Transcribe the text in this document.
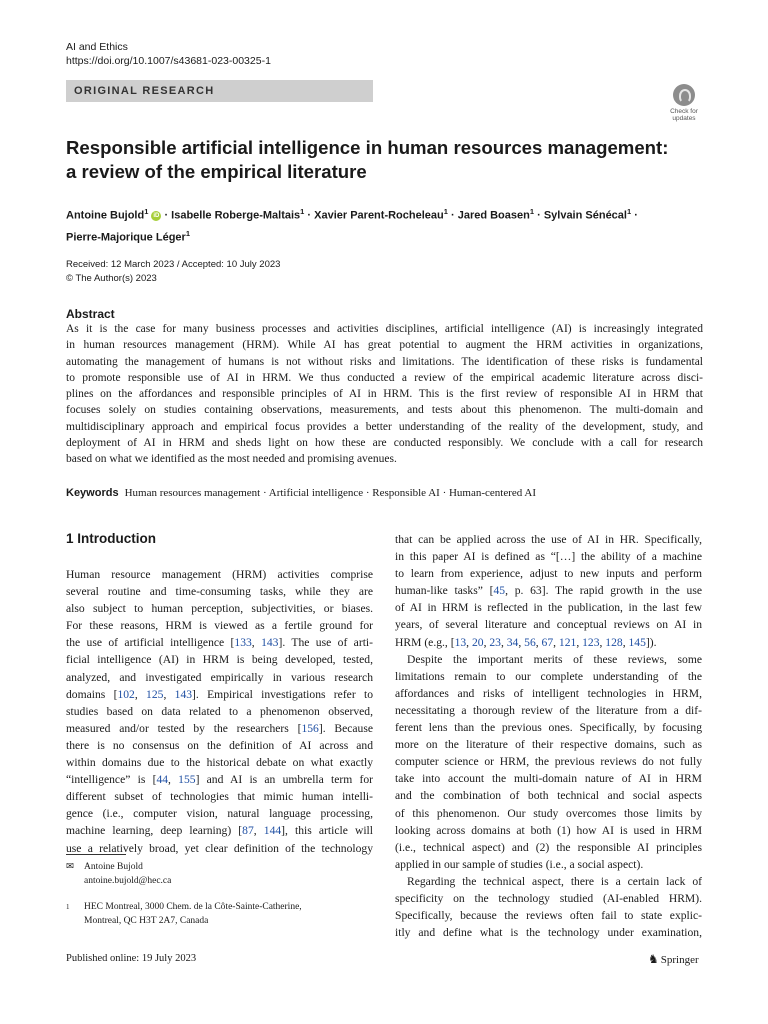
AI and Ethics
https://doi.org/10.1007/s43681-023-00325-1
ORIGINAL RESEARCH
Check for
updates
Responsible artificial intelligence in human resources management:
a review of the empirical literature
Antoine Bujold$^1$ iD · Isabelle Roberge-Maltais$^1$ · Xavier Parent-Rocheleau$^1$ · Jared Boasen$^1$ · Sylvain Sénécal$^1$ ·
Pierre-Majorique Léger$^1$
Received: 12 March 2023 / Accepted: 10 July 2023
© The Author(s) 2023
Abstract
As it is the case for many business processes and activities disciplines, artificial intelligence (AI) is increasingly integrated
in human resources management (HRM). While AI has great potential to augment the HRM activities in organizations,
automating the management of humans is not without risks and limitations. The identification of these risks is fundamental
to promote responsible use of AI in HRM. We thus conducted a review of the empirical academic literature across disci-
plines on the affordances and responsible principles of AI in HRM. This is the first review of responsible AI in HRM that
focuses solely on studies containing observations, measurements, and tests about this phenomenon. The multi-domain and
multidisciplinary approach and empirical focus provides a better understanding of the reality of the development, study, and
deployment of AI in HRM and sheds light on how these are conducted responsibly. We conclude with a call for research
based on what we identified as the most needed and promising avenues.
Keywords Human resources management · Artificial intelligence · Responsible AI · Human-centered AI
1 Introduction
Human resource management (HRM) activities comprise
several routine and time-consuming tasks, while they are
also subject to human perception, subjectivities, or biases.
For these reasons, HRM is viewed as a fertile ground for
the use of artificial intelligence [133, 143]. The use of arti-
ficial intelligence (AI) in HRM is being developed, tested,
analyzed, and investigated empirically in various research
domains [102, 125, 143]. Empirical investigations refer to
studies based on data related to a phenomenon observed,
measured and/or tested by the researchers [156]. Because
there is no consensus on the definition of AI across and
within domains due to the historical debate on what exactly
“intelligence” is [44, 155] and AI is an umbrella term for
different subset of technologies that mimic human intelli-
gence (i.e., computer vision, natural language processing,
machine learning, deep learning) [87, 144], this article will
use a relatively broad, yet clear definition of the technology
that can be applied across the use of AI in HR. Specifically,
in this paper AI is defined as “[…] the ability of a machine
to learn from experience, adjust to new inputs and perform
human-like tasks” [45, p. 63]. The rapid growth in the use
of AI in HRM is reflected in the publication, in the last few
years, of several literature and conceptual reviews on AI in
HRM (e.g., [13, 20, 23, 34, 56, 67, 121, 123, 128, 145]).
Despite the important merits of these reviews, some
limitations remain to our complete understanding of the
affordances and risks of intelligent technologies in HRM,
necessitating a thorough review of the literature from a dif-
ferent lens than the previous ones. Specifically, by focusing
more on the literature of their respective domains, such as
computer science or HRM, the previous reviews do not fully
take into account the multi-domain nature of AI in HRM
and the combination of both technical and social aspects
of this phenomenon. Our study overcomes those limits by
looking across domains at both (1) how AI is used in HRM
(i.e., technical aspect) and (2) the responsible AI principles
applied in our sample of studies (i.e., a social aspect).
Regarding the technical aspect, there is a certain lack of
specificity on the technology studied (AI-enabled HRM).
Specifically, because the reviews often fail to state explic-
itly and define what is the technology under examination,
✉ Antoine Bujold
antoine.bujold@hec.ca
1 HEC Montreal, 3000 Chem. de la Côte-Sainte-Catherine,
Montreal, QC H3T 2A7, Canada
Published online: 19 July 2023	♞ Springer
